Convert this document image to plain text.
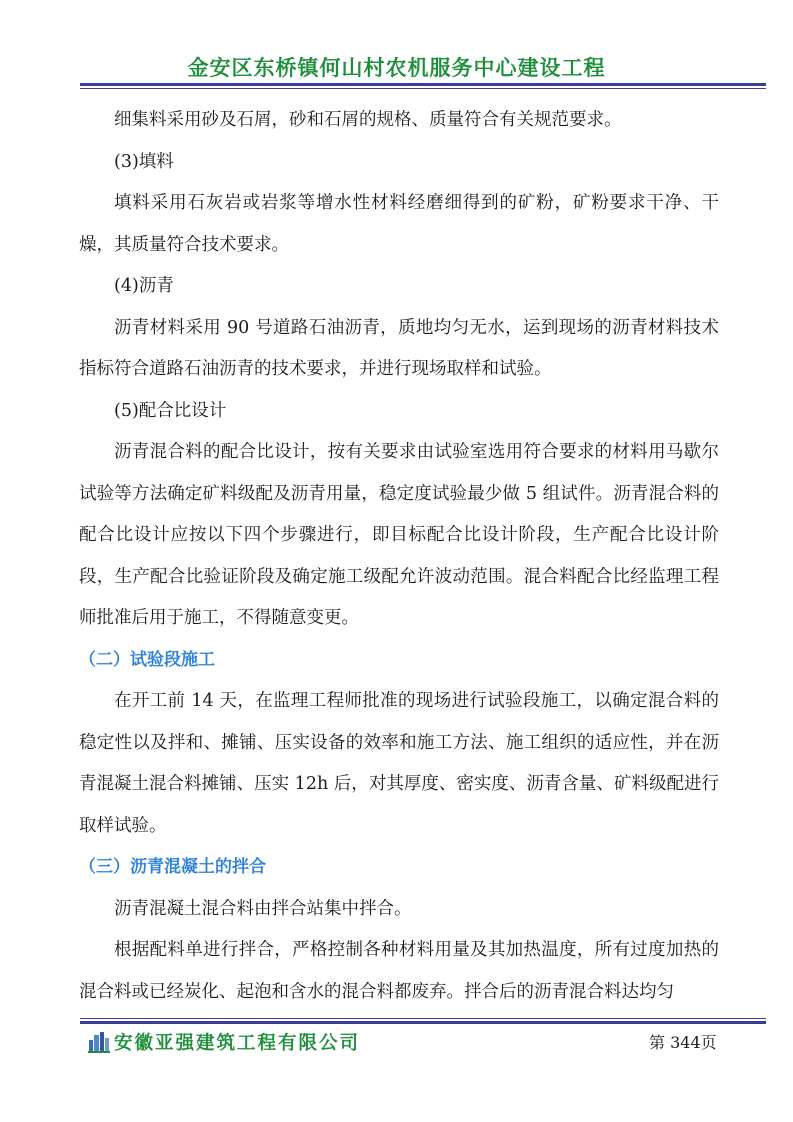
金安区东桥镇何山村农机服务中心建设工程

细集料采用砂及石屑，砂和石屑的规格、质量符合有关规范要求。

(3)填料

填料采用石灰岩或岩浆等增水性材料经磨细得到的矿粉，矿粉要求干净、干燥，其质量符合技术要求。

(4)沥青

沥青材料采用 90 号道路石油沥青，质地均匀无水，运到现场的沥青材料技术指标符合道路石油沥青的技术要求，并进行现场取样和试验。

(5)配合比设计

沥青混合料的配合比设计，按有关要求由试验室选用符合要求的材料用马歇尔试验等方法确定矿料级配及沥青用量，稳定度试验最少做 5 组试件。沥青混合料的配合比设计应按以下四个步骤进行，即目标配合比设计阶段，生产配合比设计阶段，生产配合比验证阶段及确定施工级配允许波动范围。混合料配合比经监理工程师批准后用于施工，不得随意变更。

（二）试验段施工

在开工前 14 天，在监理工程师批准的现场进行试验段施工，以确定混合料的稳定性以及拌和、摊铺、压实设备的效率和施工方法、施工组织的适应性，并在沥青混凝土混合料摊铺、压实 12h 后，对其厚度、密实度、沥青含量、矿料级配进行取样试验。

（三）沥青混凝土的拌合

沥青混凝土混合料由拌合站集中拌合。

根据配料单进行拌合，严格控制各种材料用量及其加热温度，所有过度加热的混合料或已经炭化、起泡和含水的混合料都废弃。拌合后的沥青混合料达均匀

安徽亚强建筑工程有限公司	第 344页
